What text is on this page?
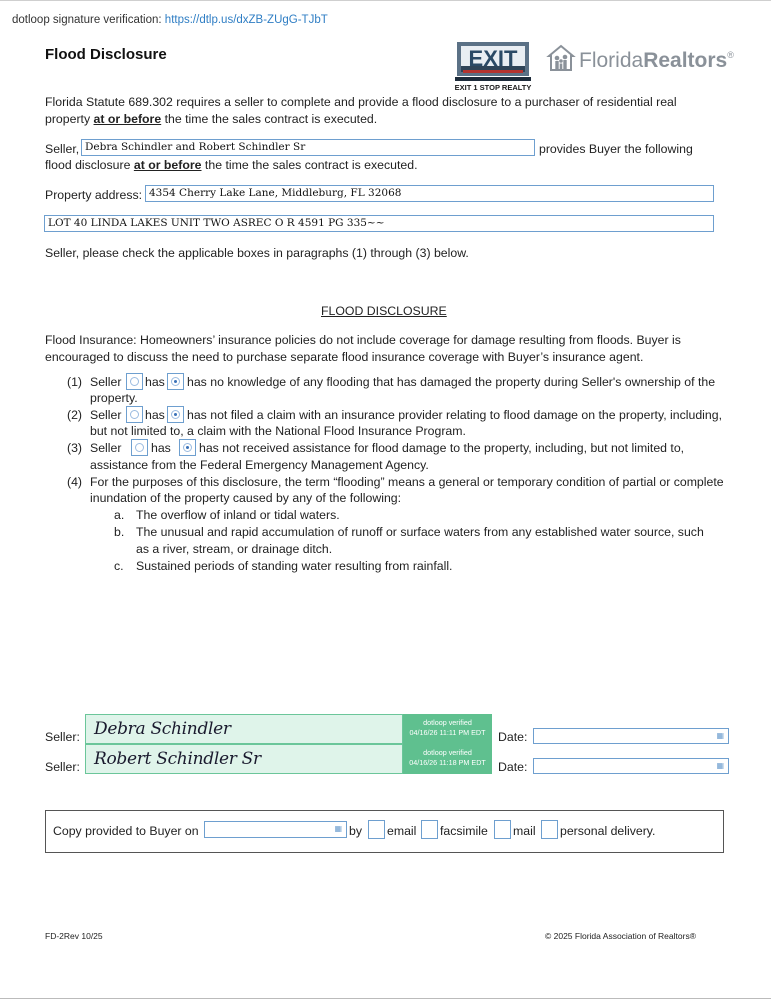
dotloop signature verification: https://dtlp.us/dxZB-ZUgG-TJbT
Flood Disclosure	EXIT
EXIT 1 STOP REALTY
FloridaRealtors®
Florida Statute 689.302 requires a seller to complete and provide a flood disclosure to a purchaser of residential real
property at or before the time the sales contract is executed.
Seller, Debra Schindler and Robert Schindler Sr	provides Buyer the following
flood disclosure at or before the time the sales contract is executed.
Property address: 4354 Cherry Lake Lane, Middleburg, FL 32068
LOT 40 LINDA LAKES UNIT TWO ASREC O R 4591 PG 335~~
Seller, please check the applicable boxes in paragraphs (1) through (3) below.
FLOOD DISCLOSURE
Flood Insurance: Homeowners’ insurance policies do not include coverage for damage resulting from floods. Buyer is
encouraged to discuss the need to purchase separate flood insurance coverage with Buyer’s insurance agent.
(1) Seller has has no knowledge of any flooding that has damaged the property during Seller's ownership of the
property.
(2) Seller has has not filed a claim with an insurance provider relating to flood damage on the property, including,
but not limited to, a claim with the National Flood Insurance Program.
(3) Seller has has not received assistance for flood damage to the property, including, but not limited to,
assistance from the Federal Emergency Management Agency.
(4) For the purposes of this disclosure, the term “flooding” means a general or temporary condition of partial or complete
inundation of the property caused by any of the following:
a. The overflow of inland or tidal waters.
b. The unusual and rapid accumulation of runoff or surface waters from any established water source, such
as a river, stream, or drainage ditch.
c. Sustained periods of standing water resulting from rainfall.
Seller: Debra Schindler	dotloop verified
04/16/26 11:11 PM EDT	Date:	▦
Seller: Robert Schindler Sr	dotloop verified
04/16/26 11:18 PM EDT Date:	▦
Copy provided to Buyer on	▦ by email facsimile mail personal delivery.
FD-2Rev 10/25	© 2025 Florida Association of Realtors®
